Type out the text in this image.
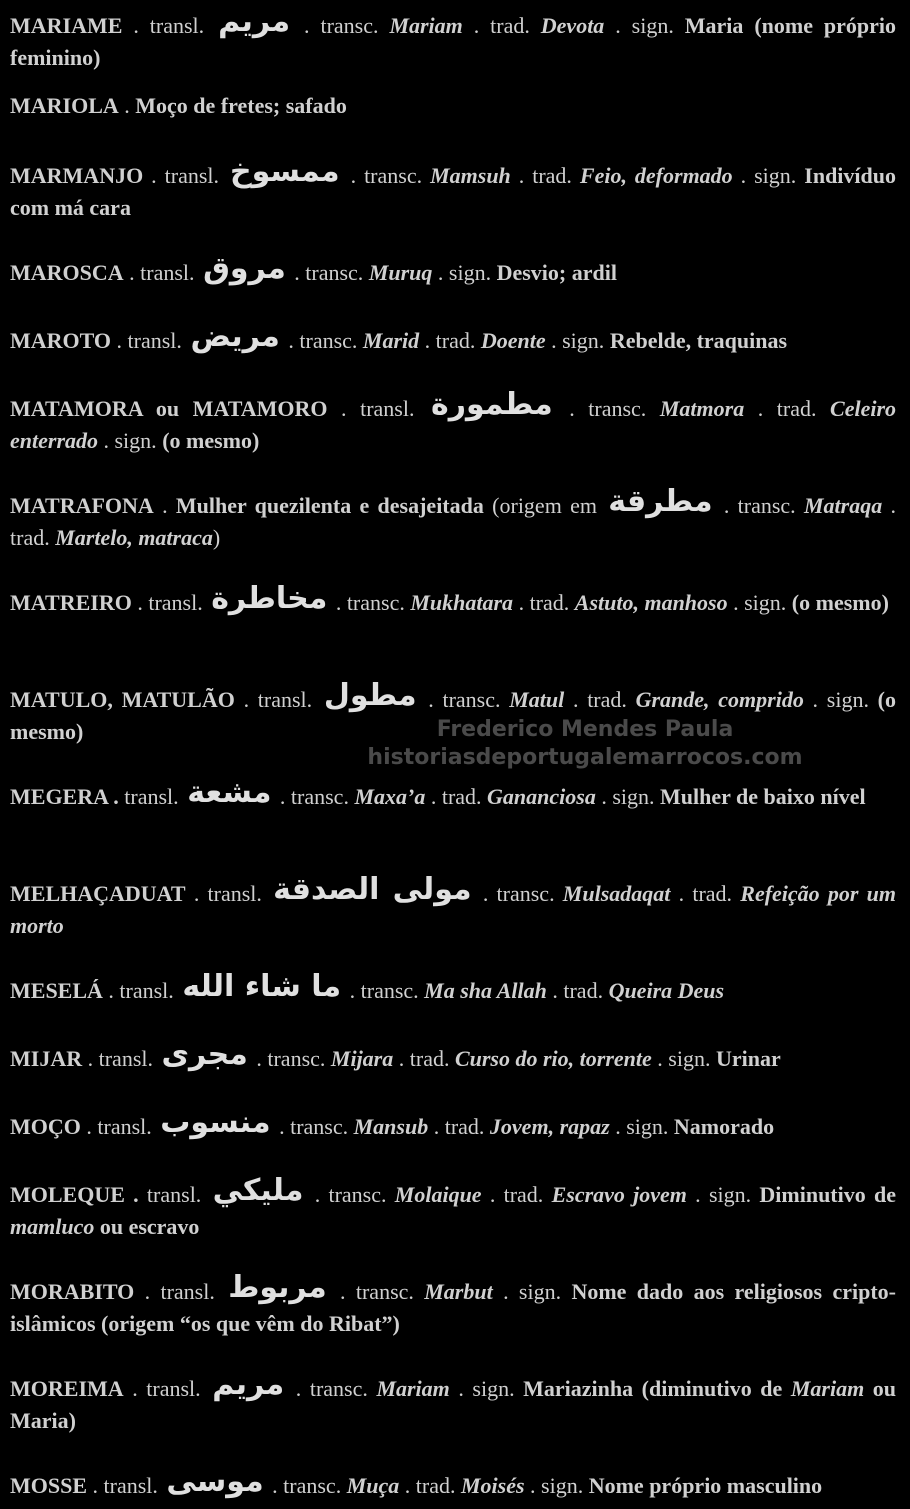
MARIAME . transl. مريم . transc. Mariam . trad. Devota . sign. Maria (nome próprio feminino)
MARIOLA . Moço de fretes; safado
MARMANJO . transl. ممسوخ . transc. Mamsuh . trad. Feio, deformado . sign. Indivíduo com má cara
MAROSCA . transl. مروق . transc. Muruq . sign. Desvio; ardil
MAROTO . transl. مريض . transc. Marid . trad. Doente . sign. Rebelde, traquinas
MATAMORA ou MATAMORO . transl. مطمورة . transc. Matmora . trad. Celeiro enterrado . sign. (o mesmo)
MATRAFONA . Mulher quezilenta e desajeitada (origem em مطرقة . transc. Matraqa . trad. Martelo, matraca)
MATREIRO . transl. مخاطرة . transc. Mukhatara . trad. Astuto, manhoso . sign. (o mesmo)
MATULO, MATULÃO . transl. مطول . transc. Matul . trad. Grande, comprido . sign. (o mesmo)
MEGERA . transl. مشعة . transc. Maxa’a . trad. Gananciosa . sign. Mulher de baixo nível
MELHAÇADUAT . transl. مولى الصدقة . transc. Mulsadaqat . trad. Refeição por um morto
MESELÁ . transl. ما شاء الله . transc. Ma sha Allah . trad. Queira Deus
MIJAR . transl. مجرى . transc. Mijara . trad. Curso do rio, torrente . sign. Urinar
MOÇO . transl. منسوب . transc. Mansub . trad. Jovem, rapaz . sign. Namorado
MOLEQUE . transl. مليكي . transc. Molaique . trad. Escravo jovem . sign. Diminutivo de mamluco ou escravo
MORABITO . transl. مربوط . transc. Marbut . sign. Nome dado aos religiosos cripto-islâmicos (origem “os que vêm do Ribat”)
MOREIMA . transl. مريم . transc. Mariam . sign. Mariazinha (diminutivo de Mariam ou Maria)
MOSSE . transl. موسى . transc. Muça . trad. Moisés . sign. Nome próprio masculino
Frederico Mendes Paula
historiasdeportugalemarrocos.com
